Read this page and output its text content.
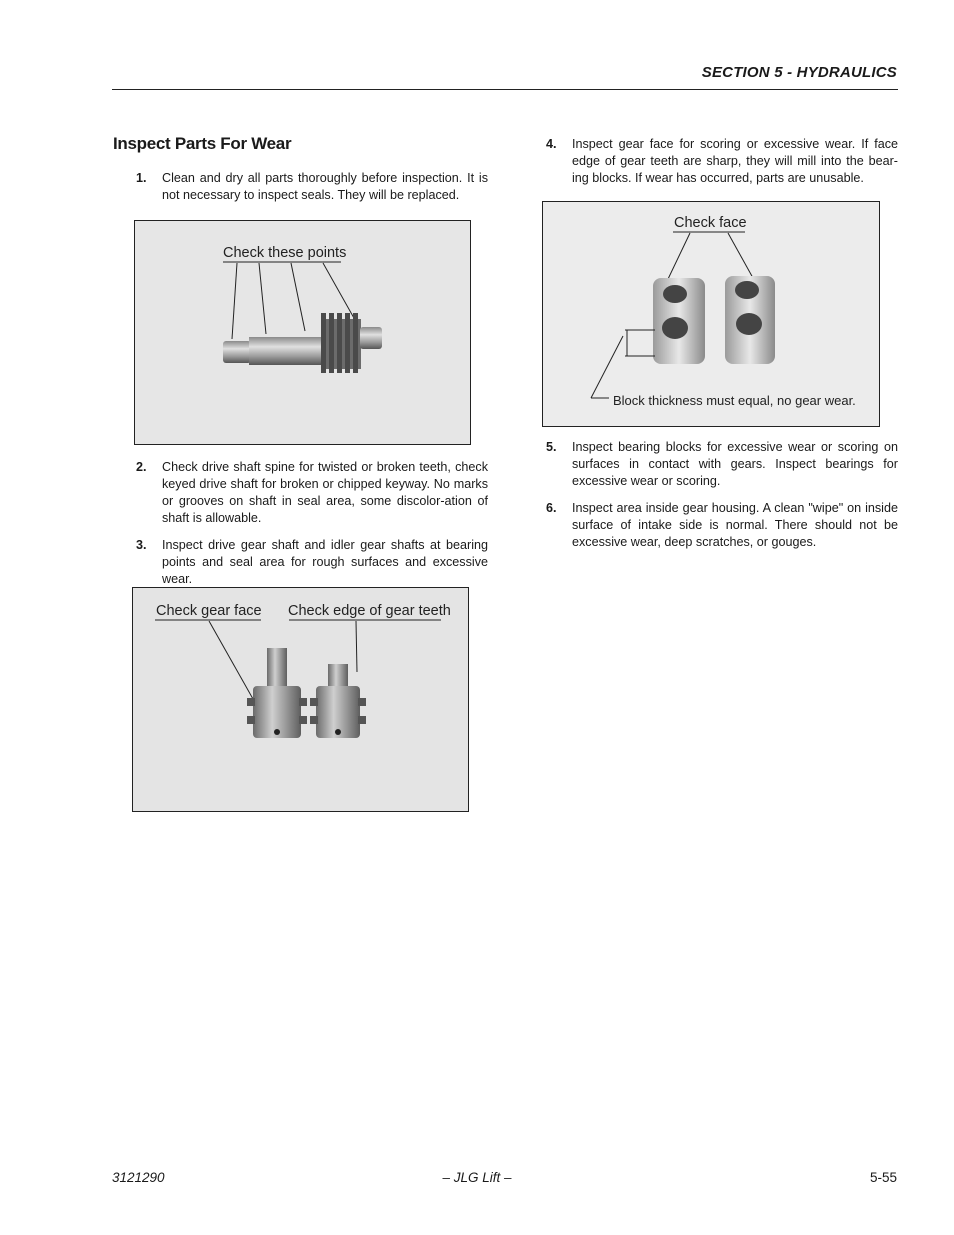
SECTION 5 - HYDRAULICS
Inspect Parts For Wear
1. Clean and dry all parts thoroughly before inspection. It is not necessary to inspect seals. They will be replaced.
Check these points
2. Check drive shaft spine for twisted or broken teeth, check keyed drive shaft for broken or chipped keyway. No marks or grooves on shaft in seal area, some discolor-ation of shaft is allowable.
3. Inspect drive gear shaft and idler gear shafts at bearing points and seal area for rough surfaces and excessive wear.
Check gear face Check edge of gear teeth
4. Inspect gear face for scoring or excessive wear. If face edge of gear teeth are sharp, they will mill into the bear-ing blocks. If wear has occurred, parts are unusable.
Check face
Block thickness must equal, no gear wear.
5. Inspect bearing blocks for excessive wear or scoring on surfaces in contact with gears. Inspect bearings for excessive wear or scoring.
6. Inspect area inside gear housing. A clean "wipe" on inside surface of intake side is normal. There should not be excessive wear, deep scratches, or gouges.
3121290	– JLG Lift –	5-55
